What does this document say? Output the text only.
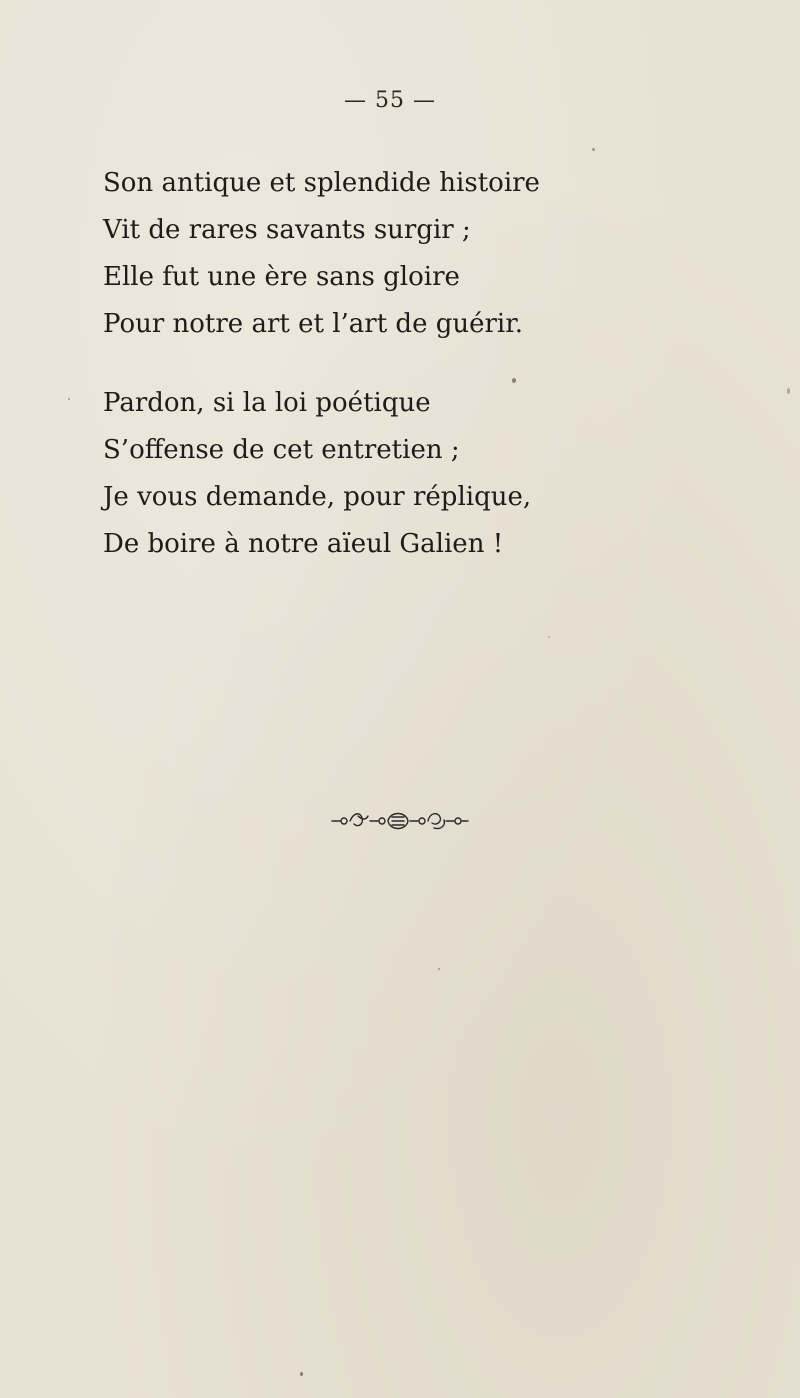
— 55 —
Son antique et splendide histoire
Vit de rares savants surgir ;
Elle fut une ère sans gloire
Pour notre art et l’art de guérir.
Pardon, si la loi poétique
S’offense de cet entretien ;
Je vous demande, pour réplique,
De boire à notre aïeul Galien !
